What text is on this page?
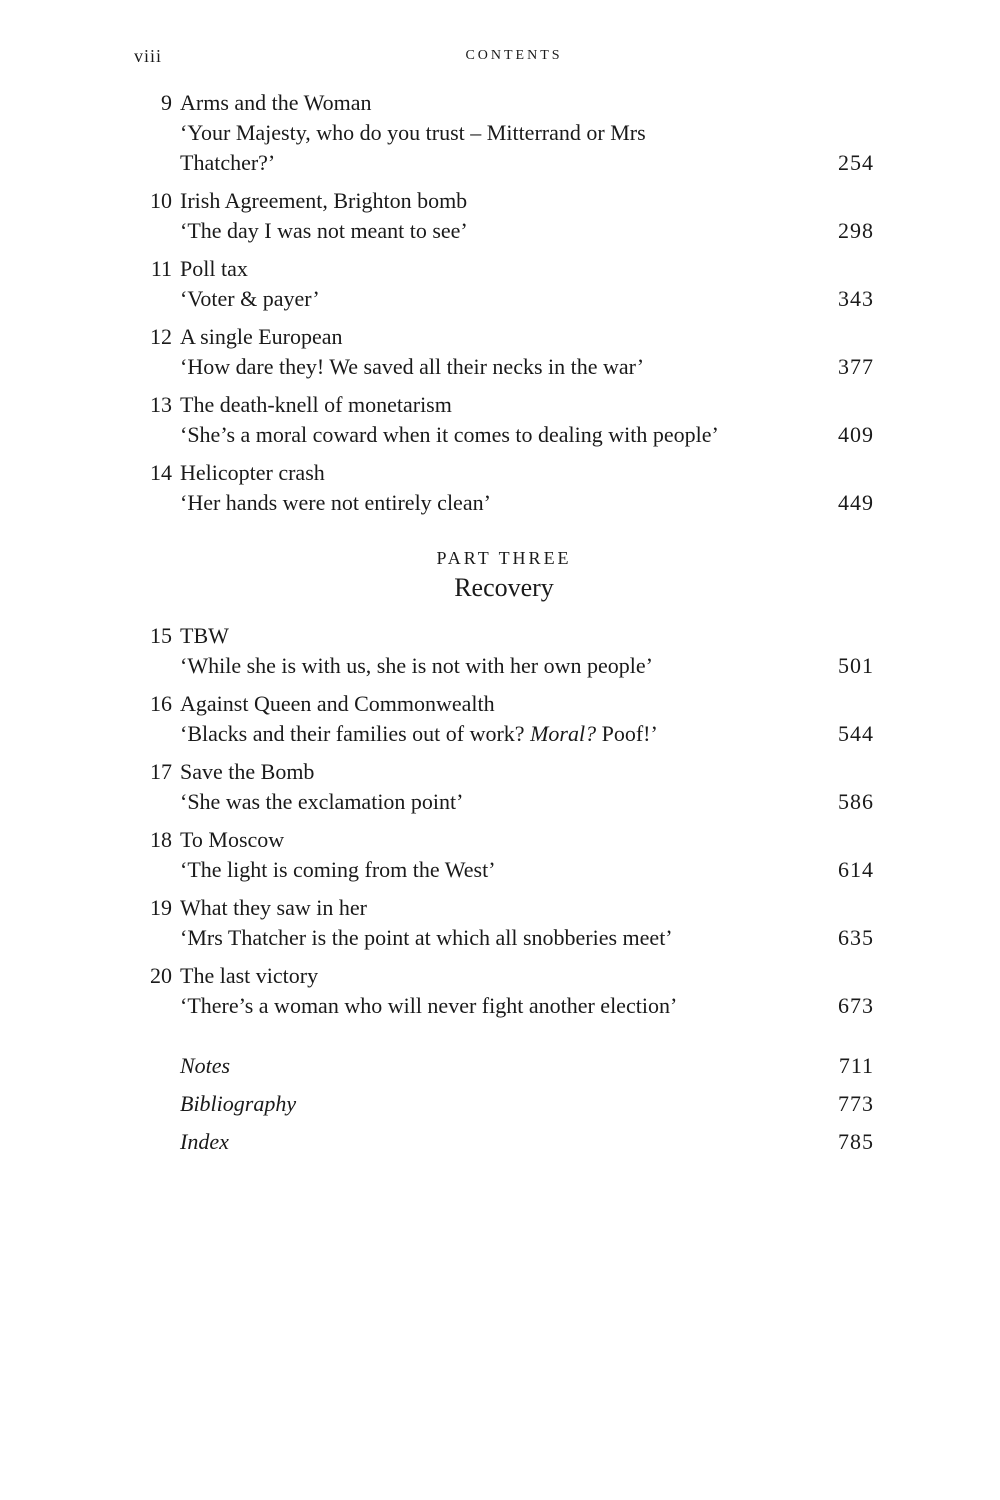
viii	CONTENTS
9 Arms and the Woman
‘Your Majesty, who do you trust – Mitterrand or Mrs Thatcher?’	254
10 Irish Agreement, Brighton bomb
‘The day I was not meant to see’	298
11 Poll tax
‘Voter & payer’	343
12 A single European
‘How dare they! We saved all their necks in the war’	377
13 The death-knell of monetarism
‘She’s a moral coward when it comes to dealing with people’	409
14 Helicopter crash
‘Her hands were not entirely clean’	449
PART THREE
Recovery
15 TBW
‘While she is with us, she is not with her own people’	501
16 Against Queen and Commonwealth
‘Blacks and their families out of work? Moral? Poof!’	544
17 Save the Bomb
‘She was the exclamation point’	586
18 To Moscow
‘The light is coming from the West’	614
19 What they saw in her
‘Mrs Thatcher is the point at which all snobberies meet’	635
20 The last victory
‘There’s a woman who will never fight another election’	673
Notes	711
Bibliography	773
Index	785
